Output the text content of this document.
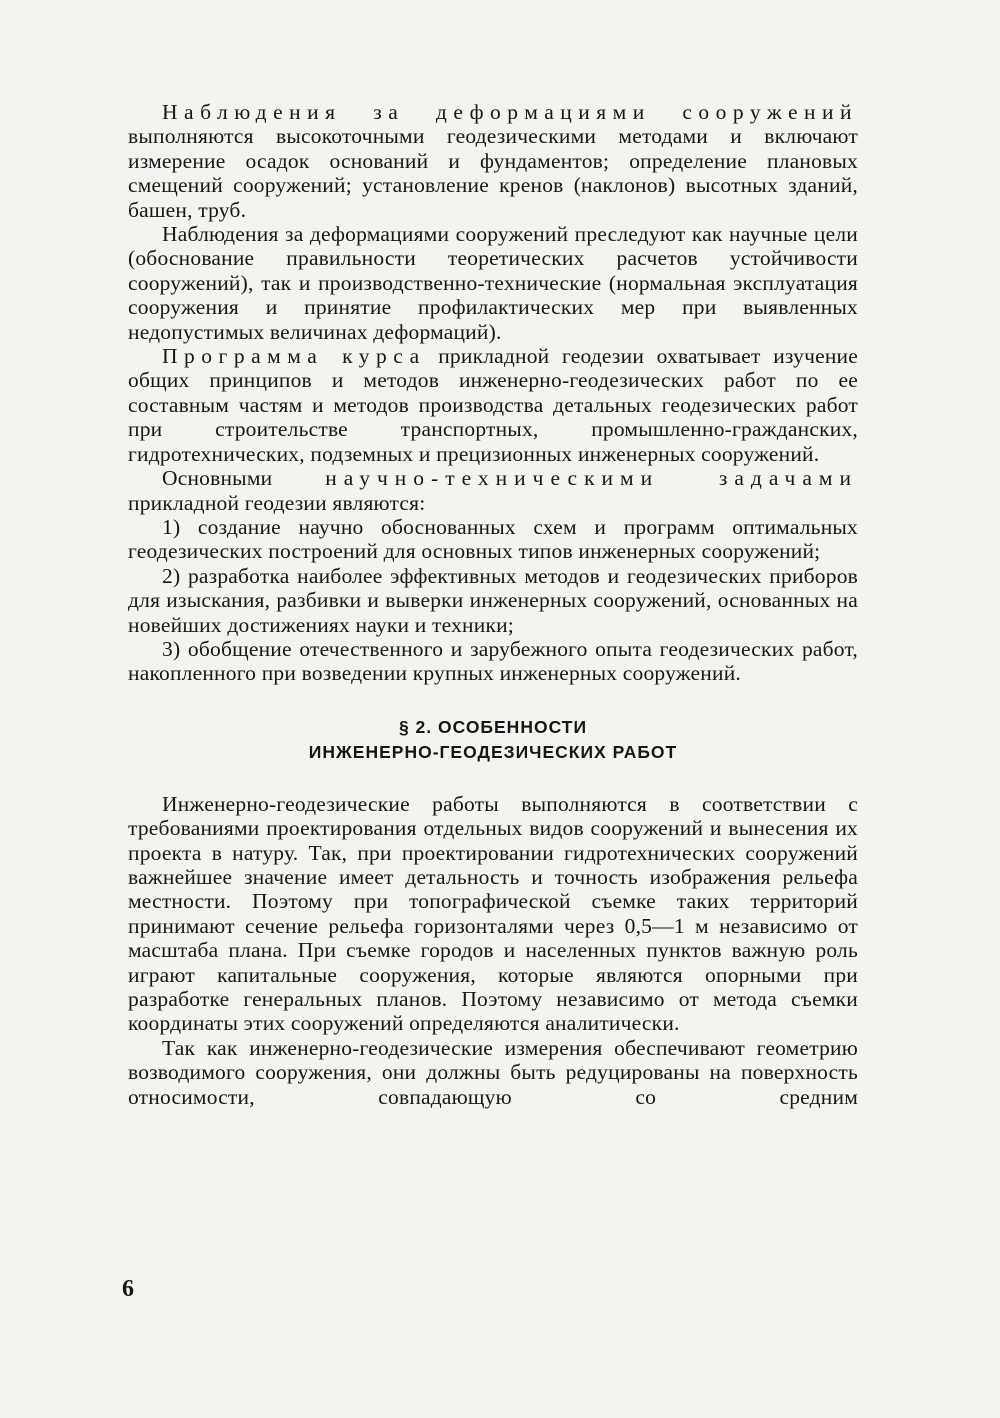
Наблюдения за деформациями сооружений выполняются высокоточными геодезическими методами и включают измерение осадок оснований и фундаментов; определение плановых смещений сооружений; установление кренов (наклонов) высотных зданий, башен, труб.

Наблюдения за деформациями сооружений преследуют как научные цели (обоснование правильности теоретических расчетов устойчивости сооружений), так и производственно-технические (нормальная эксплуатация сооружения и принятие профилактических мер при выявленных недопустимых величинах деформаций).

Программа курса прикладной геодезии охватывает изучение общих принципов и методов инженерно-геодезических работ по ее составным частям и методов производства детальных геодезических работ при строительстве транспортных, промышленно-гражданских, гидротехнических, подземных и прецизионных инженерных сооружений.

Основными научно-техническими задачами

прикладной геодезии являются:

1) создание научно обоснованных схем и программ оптимальных геодезических построений для основных типов инженерных сооружений;

2) разработка наиболее эффективных методов и геодезических приборов для изыскания, разбивки и выверки инженерных сооружений, основанных на новейших достижениях науки и техники;

3) обобщение отечественного и зарубежного опыта геодезических работ, накопленного при возведении крупных инженерных сооружений.

§ 2. ОСОБЕННОСТИ
ИНЖЕНЕРНО-ГЕОДЕЗИЧЕСКИХ РАБОТ

Инженерно-геодезические работы выполняются в соответствии с требованиями проектирования отдельных видов сооружений и вынесения их проекта в натуру. Так, при проектировании гидротехнических сооружений важнейшее значение имеет детальность и точность изображения рельефа местности. Поэтому при топографической съемке таких территорий принимают сечение рельефа горизонталями через 0,5—1 м независимо от масштаба плана. При съемке городов и населенных пунктов важную роль играют капитальные сооружения, которые являются опорными при разработке генеральных планов. Поэтому независимо от метода съемки координаты этих сооружений определяются аналитически.

Так как инженерно-геодезические измерения обеспечивают геометрию возводимого сооружения, они должны быть редуцированы на поверхность относимости, совпадающую со средним

6
